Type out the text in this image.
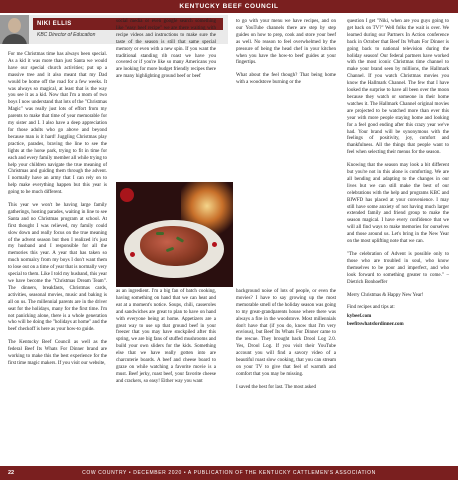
KENTUCKY BEEF COUNCIL
NIKI ELLIS
KBC Director of Education

For me Christmas time has always been special. As a kid it was more than just Santa we would have our special church activities; put up a massive tree and it also meant that my Dad would be home off the road for a few weeks. It was always so magical, at least that is the way you see it as a kid. Now that I'm a mom of two boys I now understand that lots of the "Christmas Magic" was really just lots of effort from my parents to make that time of year memorable for my sister and I. I also have a deep appreciation for those adults who go above and beyond because man is it hard! Juggling Christmas play practice, parades, braving the line to see the lights at the horse park, trying to fit in time for each and every family member all while trying to help your children navigate the true meaning of Christmas and guiding them through the advent. I normally have an army that I can rely on to help make everything happen but this year is going to be much different.

This year we won't be having large family gatherings, hosting parades, waiting in line to see Santa and no Christmas program at school. At first thought I was relieved, my family could slow down and really focus on the true meaning of the advent season but then I realized it's just my husband and I responsible for all the memories this year. A year that has taken so much normalcy from my boys I don't want them to lose out on a time of year that is normally very special to them. Like I told my husband, this year we have become the "Christmas Dream Team". The dinners, breakfasts, Christmas cards, activities, seasonal movies, music and baking is all on us. The millennial parents are in the driver seat for the holidays, many for the first time. I'm not panicking alone, there is a whole generation who will be doing the "holidays at home" and the beef checkoff is here as your how-to guide.

The Kentucky Beef Council as well as the federal Beef Its Whats For Dinner brand are working to make this the best experience for the first time magic makers. If you visit our website,

social media or even google search something like "easy beef recipe" we are there waiting with recipe videos and instructions to make sure the taste of the season is still that same special memory or even with a new spin. If you want the traditional standing rib roast we have you covered or if you're like so many Americans you are looking for more budget friendly recipes there are many highlighting ground beef or beef

as an ingredient. I'm a big fan of batch cooking, having something on hand that we can heat and eat at a moment's notice. Soups, chili, casseroles and sandwiches are great to plan to have on hand with everyone being at home. Appetizers are a great way to use up that ground beef in your freezer that you may have stockpiled after this spring, we are big fans of stuffed mushrooms and build your own sliders for the kids. Something else that we have really gotten into are charcuterie boards. A beef and cheese board to graze on while watching a favorite movie is a must. Beef jerky, roast beef, your favorite cheese and crackers, so easy! Either way you want

to go with your menu we have recipes, and on our YouTube channels there are step by step guides on how to prep, cook and store your beef as well. No reason to feel overwhelmed by the pressure of being the head chef in your kitchen when you have the how-to beef guides at your fingertips.

What about the feel though? That being home with a woodstove burning or the

background noise of lots of people, or even the movies? I have to say growing up the most memorable smell of the holiday season was going to my great-grandparents house where there was always a fire in the woodstove. Most millennials don't have that (if you do, know that I'm very envious), but Beef Its Whats For Dinner came to the rescue. They brought back Drool Log 2.0. Yes, Drool Log. If you visit their YouTube account you will find a savory video of a beautiful roast slow cooking, that you can stream on your TV to give that feel of warmth and comfort that you may be missing.

I saved the best for last. The most asked

question I get "Niki, when are you guys going to get back on TV?" Well folks the wait is over. We learned during our Partners In Action conference back in October that Beef Its Whats For Dinner is going back to national television during the holiday season! Our federal partners have worked with the most iconic Christmas time channel to make your brand seen by millions, the Hallmark Channel. If you watch Christmas movies you know the Hallmark Channel. The few that I have looked the surprise to have all been over the moon because they watch or someone in their home watches it. The Hallmark Channel original movies are projected to be watched more than ever this year with more people staying home and looking for a feel good ending after this crazy year we've had. Your brand will be synonymous with the feelings of positivity, joy, comfort and thankfulness. All the things that people want to feel when selecting their menus for the season.

Knowing that the season may look a bit different but you're not in this alone is comforting. We are all bending and adapting to the changes in our lives but we can still make the best of our celebrations with the help and programs KBC and BIWFD has placed at your convenience. I may still have some anxiety of not having much larger extended family and friend group to make the season magical. I have every confidence that we will all find ways to make memories for ourselves and those around us. Let's bring in the New Year on the most uplifting note that we can.

"The celebration of Advent is possible only to those who are troubled in soul, who know themselves to be poor and imperfect, and who look forward to something greater to come." – Dietrich Bonhoeffer

Merry Christmas & Happy New Year!

Find recipes and tips at:

kybeef.com

beefitswhatsfordinner.com

22	COW COUNTRY • DECEMBER 2020 • A PUBLICATION OF THE KENTUCKY CATTLEMEN'S ASSOCIATION
